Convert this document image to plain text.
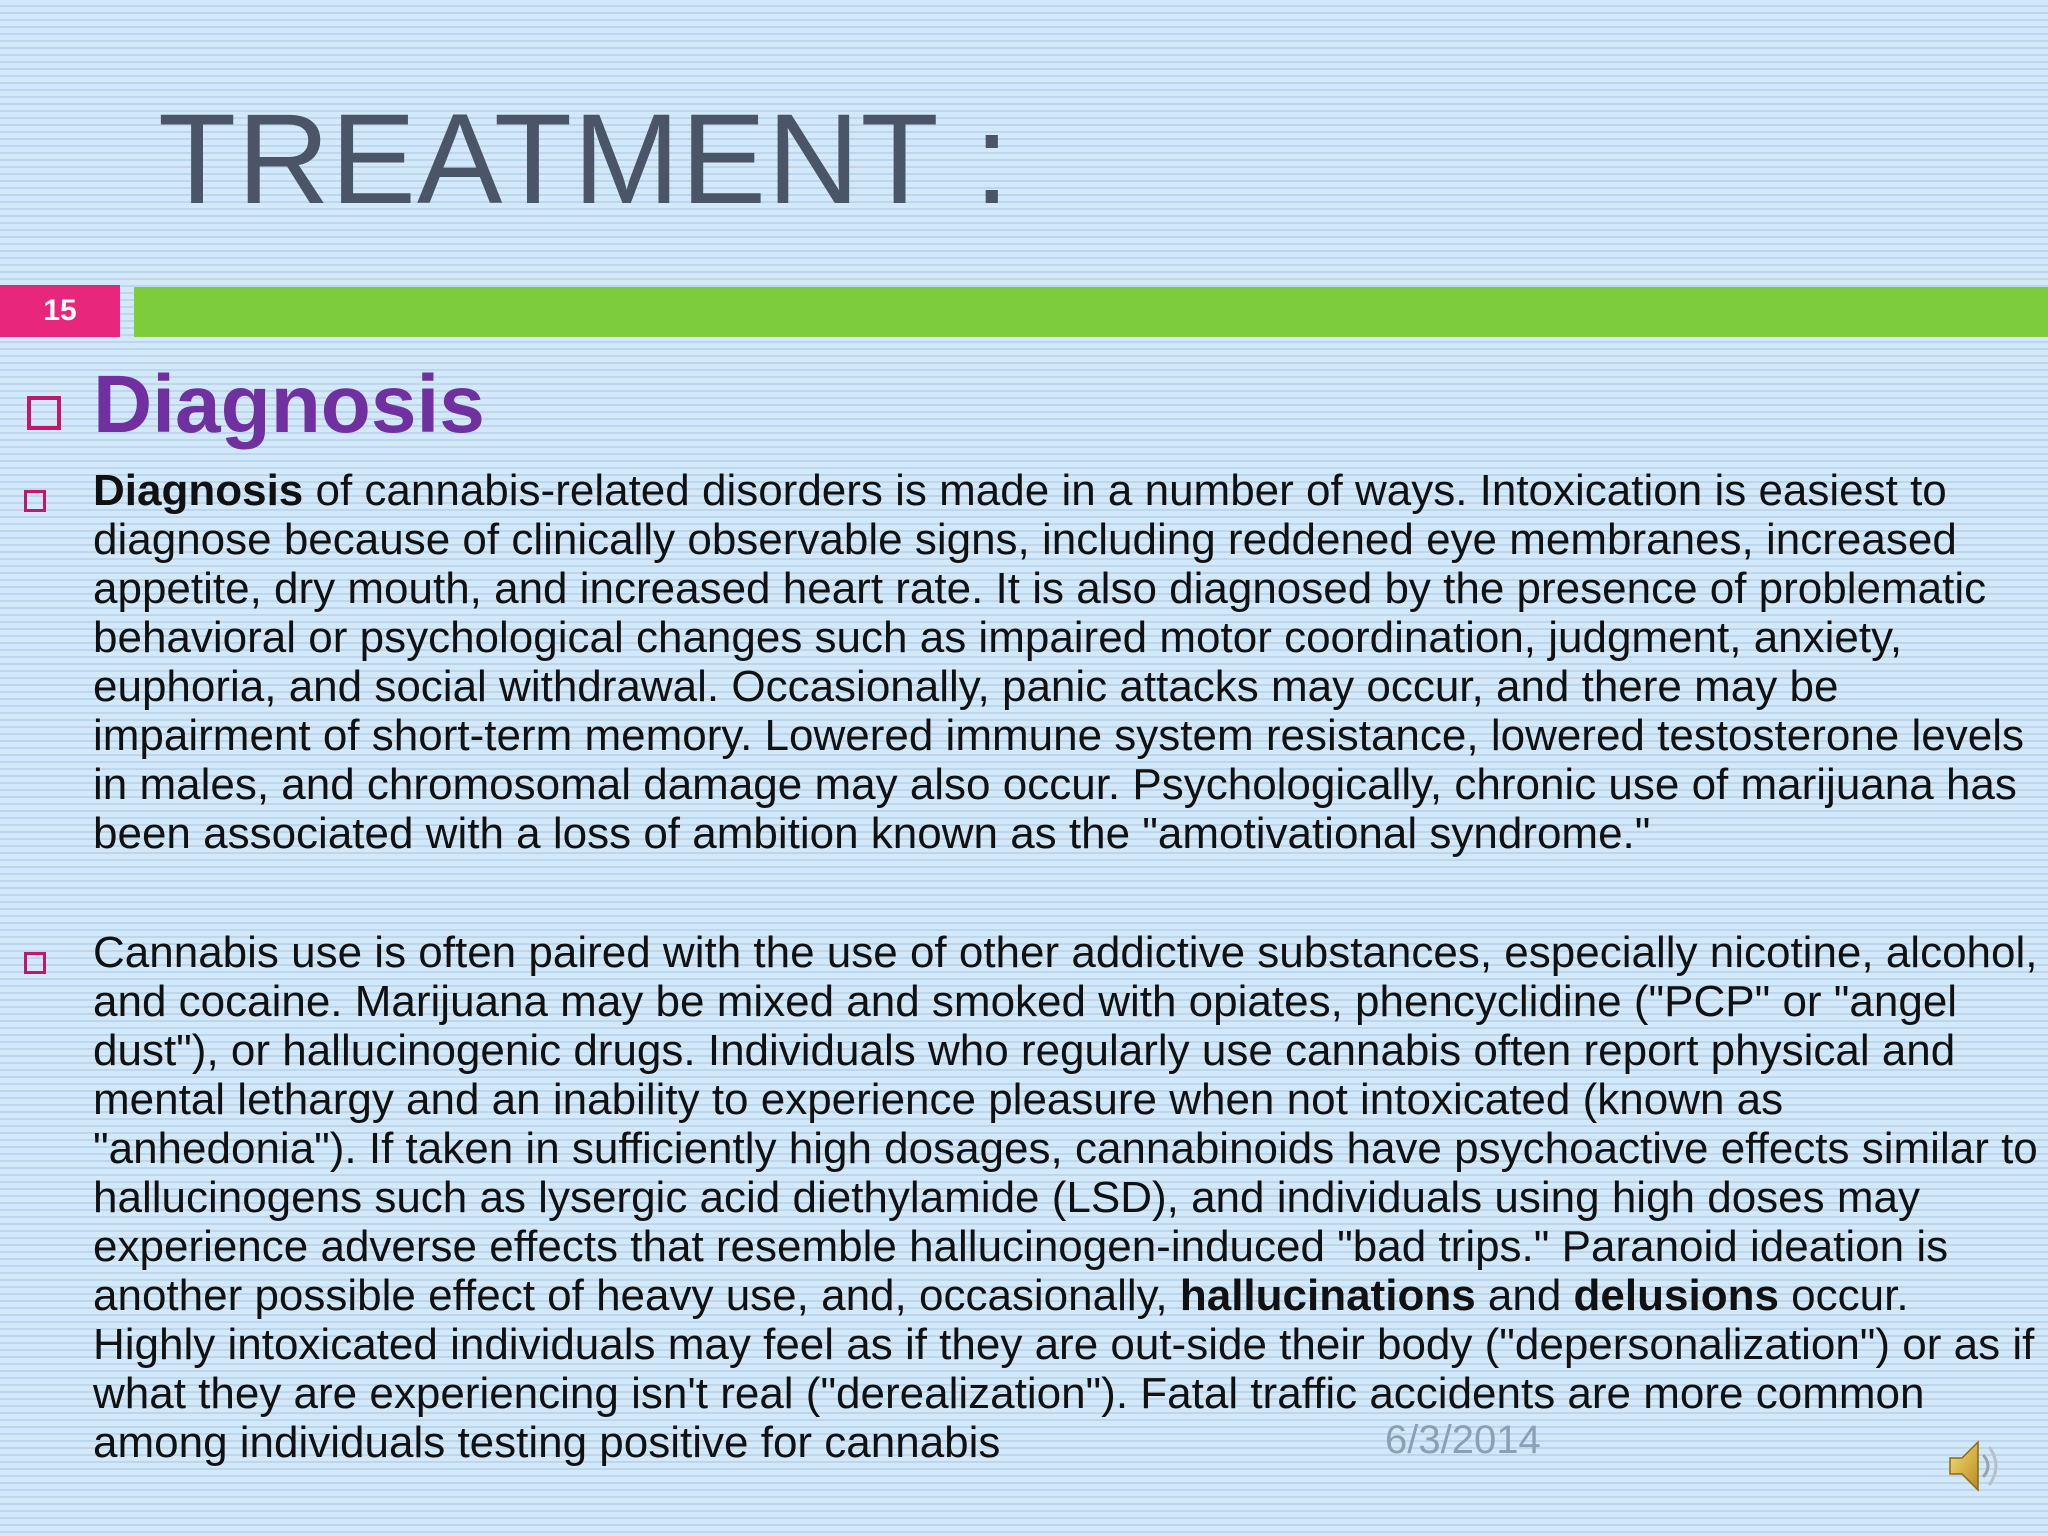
TREATMENT :
15
Diagnosis

Diagnosis of cannabis-related disorders is made in a number of ways. Intoxication is easiest to diagnose because of clinically observable signs, including reddened eye membranes, increased appetite, dry mouth, and increased heart rate. It is also diagnosed by the presence of problematic behavioral or psychological changes such as impaired motor coordination, judgment, anxiety, euphoria, and social withdrawal. Occasionally, panic attacks may occur, and there may be impairment of short-term memory. Lowered immune system resistance, lowered testosterone levels in males, and chromosomal damage may also occur. Psychologically, chronic use of marijuana has been associated with a loss of ambition known as the "amotivational syndrome."

Cannabis use is often paired with the use of other addictive substances, especially nicotine, alcohol, and cocaine. Marijuana may be mixed and smoked with opiates, phencyclidine ("PCP" or "angel dust"), or hallucinogenic drugs. Individuals who regularly use cannabis often report physical and mental lethargy and an inability to experience pleasure when not intoxicated (known as "anhedonia"). If taken in sufficiently high dosages, cannabinoids have psychoactive effects similar to hallucinogens such as lysergic acid diethylamide (LSD), and individuals using high doses may experience adverse effects that resemble hallucinogen-induced "bad trips." Paranoid ideation is another possible effect of heavy use, and, occasionally, hallucinations and delusions occur. Highly intoxicated individuals may feel as if they are out-side their body ("depersonalization") or as if what they are experiencing isn't real ("derealization"). Fatal traffic accidents are more common among individuals testing positive for cannabis	6/3/2014
